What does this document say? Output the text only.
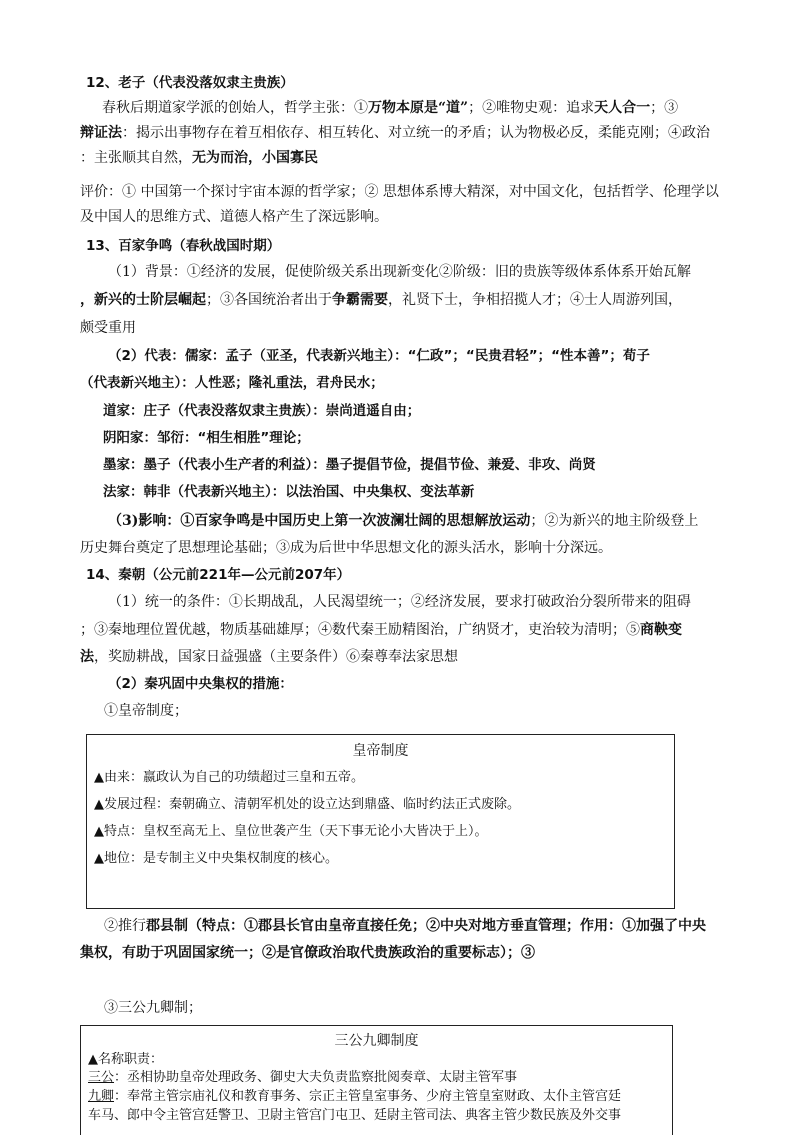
12、老子（代表没落奴隶主贵族）
春秋后期道家学派的创始人，哲学主张：①万物本原是“道”；②唯物史观：追求天人合一；③
辩证法：揭示出事物存在着互相依存、相互转化、对立统一的矛盾；认为物极必反，柔能克刚；④政治
：主张顺其自然，无为而治，小国寡民
评价：① 中国第一个探讨宇宙本源的哲学家；② 思想体系博大精深，对中国文化，包括哲学、伦理学以
及中国人的思维方式、道德人格产生了深远影响。
13、百家争鸣（春秋战国时期）
（1）背景：①经济的发展，促使阶级关系出现新变化②阶级：旧的贵族等级体系体系开始瓦解
，新兴的士阶层崛起；③各国统治者出于争霸需要，礼贤下士，争相招揽人才；④士人周游列国，
颇受重用
（2）代表：儒家：孟子（亚圣，代表新兴地主）：“仁政”；“民贵君轻”；“性本善”；荀子
（代表新兴地主）：人性恶；隆礼重法，君舟民水；
道家：庄子（代表没落奴隶主贵族）：崇尚逍遥自由；
阴阳家：邹衍：“相生相胜”理论；
墨家：墨子（代表小生产者的利益）：墨子提倡节俭，提倡节俭、兼爱、非攻、尚贤
法家：韩非（代表新兴地主）：以法治国、中央集权、变法革新
（3)影响：①百家争鸣是中国历史上第一次波澜壮阔的思想解放运动；②为新兴的地主阶级登上
历史舞台奠定了思想理论基础；③成为后世中华思想文化的源头活水，影响十分深远。
14、秦朝（公元前221年—公元前207年）
（1）统一的条件：①长期战乱，人民渴望统一；②经济发展，要求打破政治分裂所带来的阻碍
；③秦地理位置优越，物质基础雄厚；④数代秦王励精图治，广纳贤才，吏治较为清明；⑤商鞅变
法，奖励耕战，国家日益强盛（主要条件）⑥秦尊奉法家思想
（2）秦巩固中央集权的措施：
①皇帝制度；
皇帝制度
▲由来：嬴政认为自己的功绩超过三皇和五帝。
▲发展过程：秦朝确立、清朝军机处的设立达到鼎盛、临时约法正式废除。
▲特点：皇权至高无上、皇位世袭产生（天下事无论小大皆决于上）。
▲地位：是专制主义中央集权制度的核心。
②推行郡县制（特点：①郡县长官由皇帝直接任免；②中央对地方垂直管理；作用：①加强了中央
集权，有助于巩固国家统一；②是官僚政治取代贵族政治的重要标志）；③
③三公九卿制；
三公九卿制度
▲名称职责：
三公：丞相协助皇帝处理政务、御史大夫负责监察批阅奏章、太尉主管军事
九卿：奉常主管宗庙礼仪和教育事务、宗正主管皇室事务、少府主管皇室财政、太仆主管宫廷
车马、郎中令主管宫廷警卫、卫尉主管宫门屯卫、廷尉主管司法、典客主管少数民族及外交事
